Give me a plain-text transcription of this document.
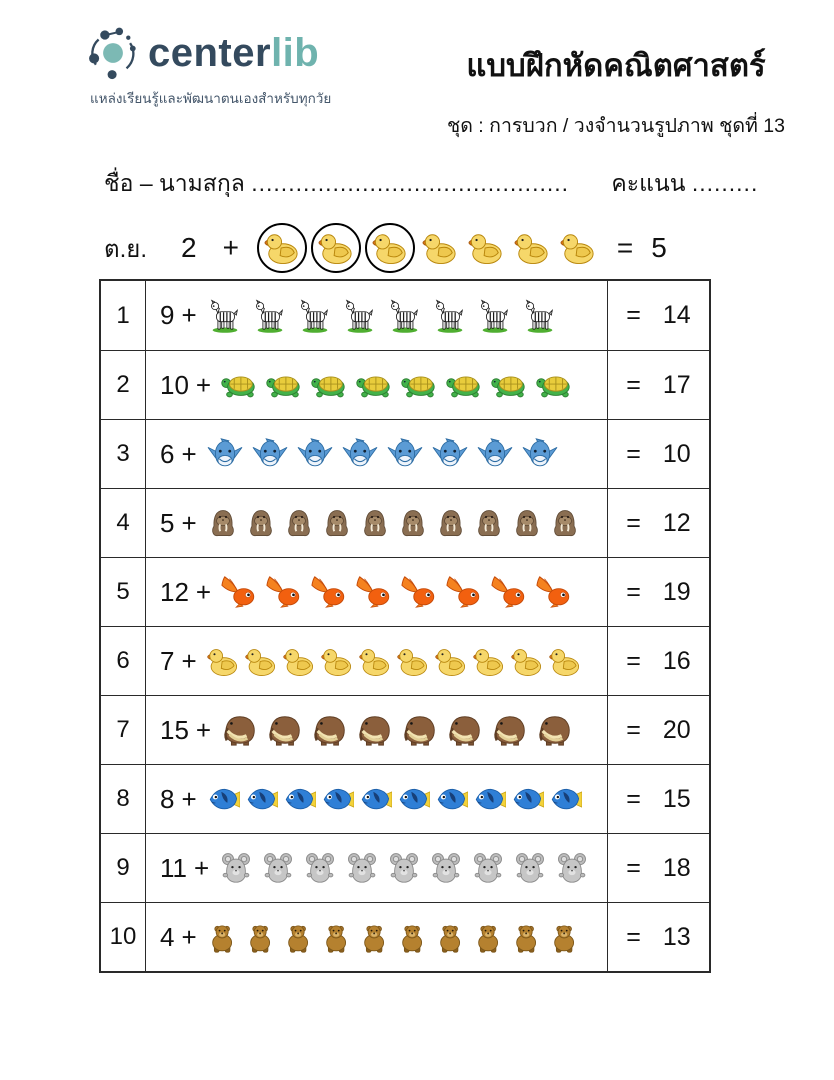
centerlib
แหล่งเรียนรู้และพัฒนาตนเองสำหรับทุกวัย
แบบฝึกหัดคณิตศาสตร์
ชุด : การบวก / วงจำนวนรูปภาพ ชุดที่ 13
ชื่อ – นามสกุล ........................................... คะแนน .........
ต.ย. 2 +	= 5
1	9 +	= 14
2	10 +	= 17
3	6 +	= 10
4	5 +	= 12
5	12 +	= 19
6	7 +	= 16
7	15 +	= 20
8	8 +	= 15
9	11 +	= 18
10 4 +	= 13
